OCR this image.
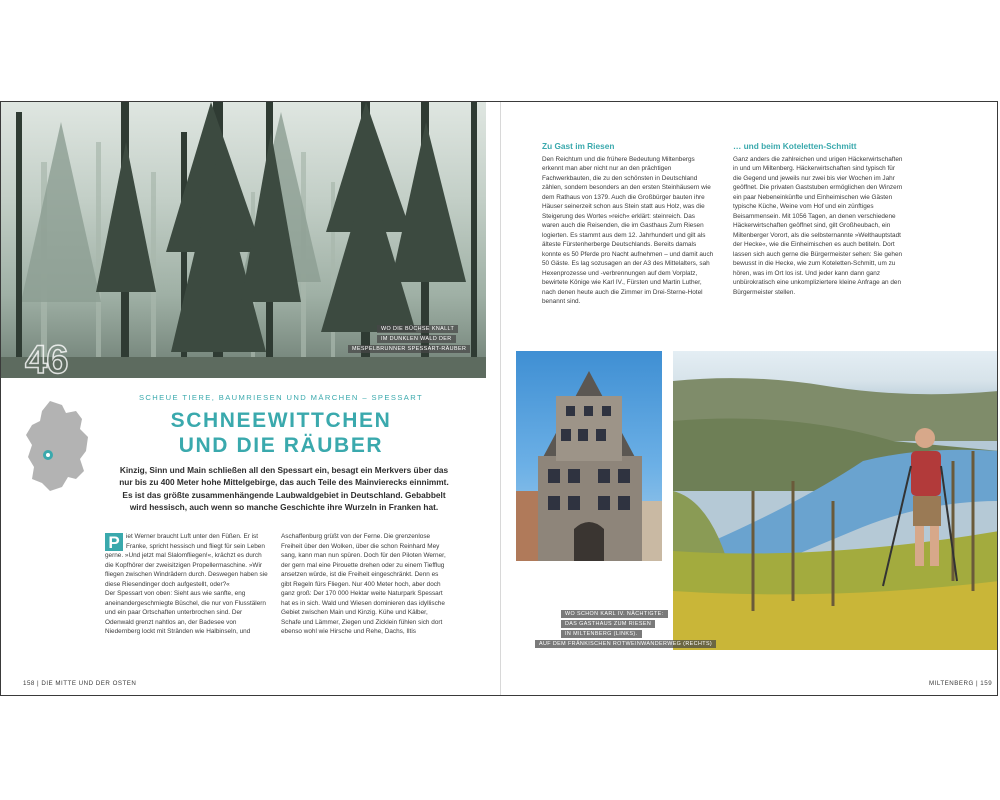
46
WO DIE BÜCHSE KNALLT
IM DUNKLEN WALD DER
MESPELBRUNNER SPESSART-RÄUBER
SCHEUE TIERE, BAUMRIESEN UND MÄRCHEN – SPESSART
SCHNEEWITTCHEN
UND DIE RÄUBER
Kinzig, Sinn und Main schließen all den Spessart ein, besagt ein Merkvers über das nur bis zu 400 Meter hohe Mittelgebirge, das auch Teile des Mainvierecks einnimmt. Es ist das größte zusammenhängende Laubwaldgebiet in Deutschland. Gebabbelt wird hessisch, auch wenn so manche Geschichte ihre Wurzeln in Franken hat.
P iet Werner braucht Luft unter den Füßen. Er ist Franke, spricht hessisch und fliegt für sein Leben gerne. »Und jetzt mal Slalomfliegen!«, krächzt es durch die Kopfhörer der zweisitzigen Propellermaschine. »Wir fliegen zwischen Windrädern durch. Deswegen haben sie diese Riesendinger doch aufgestellt, oder?«

Der Spessart von oben: Sieht aus wie sanfte, eng aneinandergeschmiegte Büschel, die nur von Flusstälern und ein paar Ortschaften unterbrochen sind. Der Odenwald grenzt nahtlos an, der Badesee von Niedernberg lockt mit Stränden wie Halbinseln, und

Aschaffenburg grüßt von der Ferne. Die grenzenlose Freiheit über den Wolken, über die schon Reinhard Mey sang, kann man nun spüren. Doch für den Piloten Werner, der gern mal eine Pirouette drehen oder zu einem Tiefflug ansetzen würde, ist die Freiheit eingeschränkt. Denn es gibt Regeln fürs Fliegen. Nur 400 Meter hoch, aber doch ganz groß: Der 170 000 Hektar weite Naturpark Spessart hat es in sich. Wald und Wiesen dominieren das idyllische Gebiet zwischen Main und Kinzig. Kühe und Kälber, Schafe und Lämmer, Ziegen und Zicklein fühlen sich dort ebenso wohl wie Hirsche und Rehe, Dachs, Iltis

158 | DIE MITTE UND DER OSTEN
Zu Gast im Riesen

Den Reichtum und die frühere Bedeutung Miltenbergs erkennt man aber nicht nur an den prächtigen Fachwerkbauten, die zu den schönsten in Deutschland zählen, sondern besonders an den ersten Steinhäusern wie dem Rathaus von 1379. Auch die Großbürger bauten ihre Häuser seinerzeit schon aus Stein statt aus Holz, was die Steigerung des Wortes »reich« erklärt: steinreich. Das waren auch die Reisenden, die im Gasthaus Zum Riesen logierten. Es stammt aus dem 12. Jahrhundert und gilt als älteste Fürstenherberge Deutschlands. Bereits damals konnte es 50 Pferde pro Nacht aufnehmen – und damit auch 50 Gäste. Es lag sozusagen an der A3 des Mittelalters, sah Hexenprozesse und -verbrennungen auf dem Vorplatz, bewirtete Könige wie Karl IV., Fürsten und Martin Luther, nach denen heute auch die Zimmer im Drei-Sterne-Hotel benannt sind.

… und beim Koteletten-Schmitt

Ganz anders die zahlreichen und urigen Häckerwirtschaften in und um Miltenberg. Häckerwirtschaften sind typisch für die Gegend und jeweils nur zwei bis vier Wochen im Jahr geöffnet. Die privaten Gaststuben ermöglichen den Winzern ein paar Nebeneinkünfte und Einheimischen wie Gästen typische Küche, Weine vom Hof und ein zünftiges Beisammensein. Mit 1056 Tagen, an denen verschiedene Häckerwirtschaften geöffnet sind, gilt Großheubach, ein Miltenberger Vorort, als die selbsternannte »Welthauptstadt der Hecke«, wie die Einheimischen es auch betiteln. Dort lassen sich auch gerne die Bürgermeister sehen: Sie gehen bewusst in die Hecke, wie zum Koteletten-Schmitt, um zu hören, was im Ort los ist. Und jeder kann dann ganz unbürokratisch eine unkompliziertere kleine Anfrage an den Bürgermeister stellen.

WO SCHON KARL IV. NÄCHTIGTE:
DAS GASTHAUS ZUM RIESEN
IN MILTENBERG (LINKS).
AUF DEM FRÄNKISCHEN ROTWEINWANDERWEG (RECHTS)
MILTENBERG | 159
